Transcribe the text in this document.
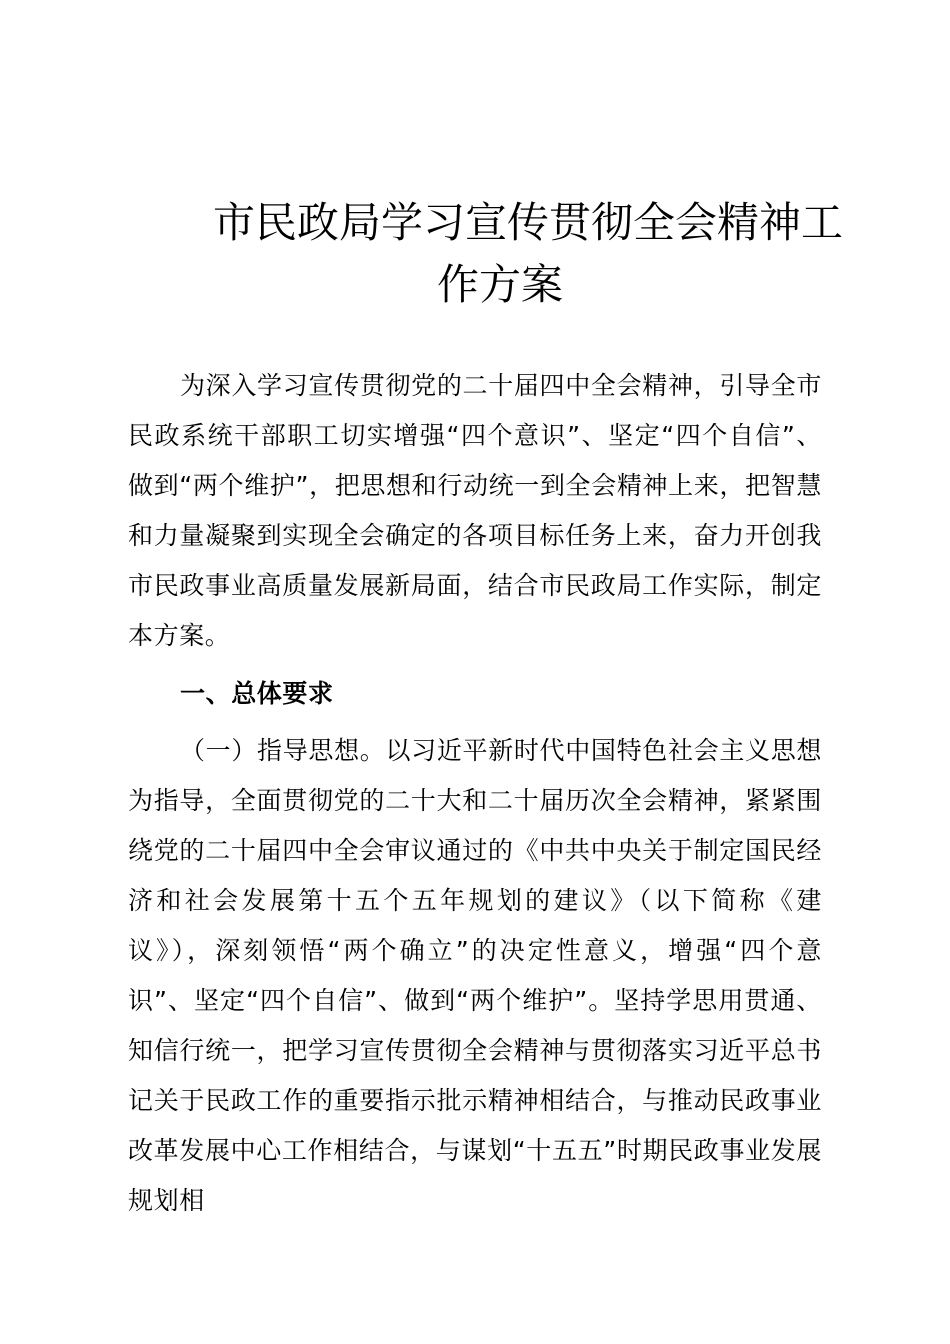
市民政局学习宣传贯彻全会精神工
作方案

为深入学习宣传贯彻党的二十届四中全会精神，引导全市民政系统干部职工切实增强“四个意识”、坚定“四个自信”、做到“两个维护”，把思想和行动统一到全会精神上来，把智慧和力量凝聚到实现全会确定的各项目标任务上来，奋力开创我市民政事业高质量发展新局面，结合市民政局工作实际，制定本方案。

一、总体要求

（一）指导思想。以习近平新时代中国特色社会主义思想为指导，全面贯彻党的二十大和二十届历次全会精神，紧紧围绕党的二十届四中全会审议通过的《中共中央关于制定国民经济和社会发展第十五个五年规划的建议》（以下简称《建议》），深刻领悟“两个确立”的决定性意义，增强“四个意识”、坚定“四个自信”、做到“两个维护”。坚持学思用贯通、知信行统一，把学习宣传贯彻全会精神与贯彻落实习近平总书记关于民政工作的重要指示批示精神相结合，与推动民政事业改革发展中心工作相结合，与谋划“十五五”时期民政事业发展规划相
